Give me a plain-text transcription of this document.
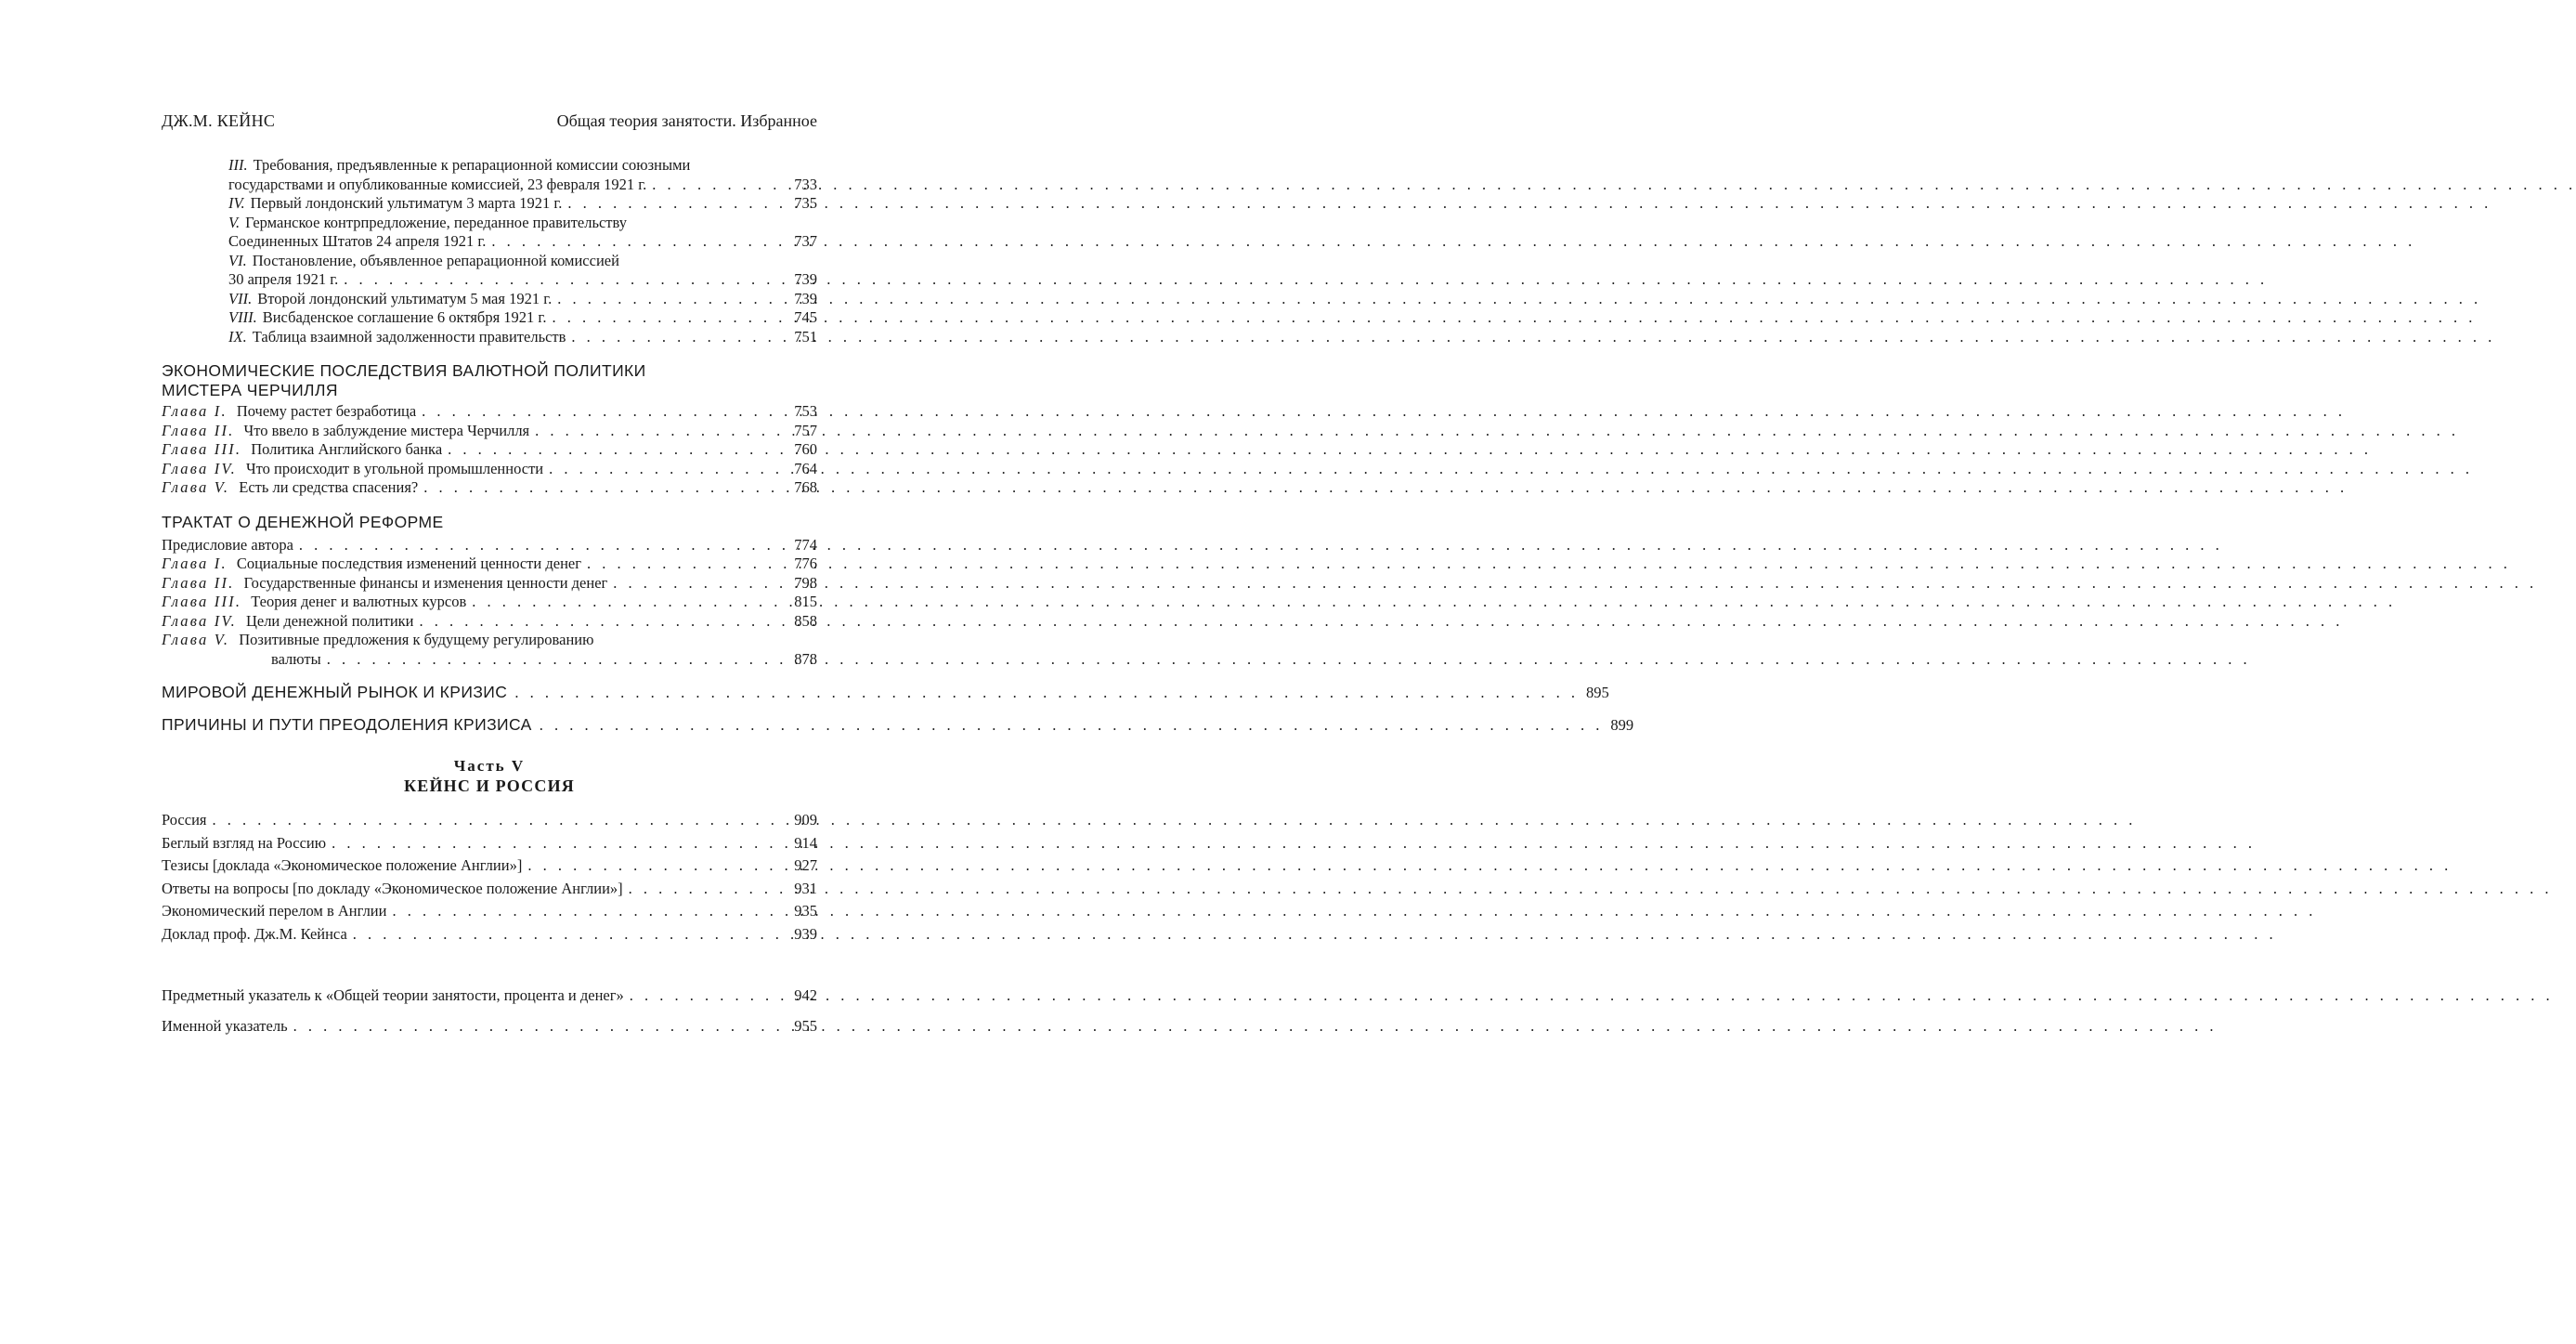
ДЖ.М. КЕЙНС	Общая теория занятости. Избранное
III. Требования, предъявленные к репарационной комиссии союзными
государствами и опубликованные комиссией, 23 февраля 1921 г. . . .	733
IV. Первый лондонский ультиматум 3 марта 1921 г. . . .	735
V. Германское контрпредложение, переданное правительству
Соединенных Штатов 24 апреля 1921 г. . . .	737
VI. Постановление, объявленное репарационной комиссией
30 апреля 1921 г. . . .	739
VII. Второй лондонский ультиматум 5 мая 1921 г. . . .	739
VIII. Висбаденское соглашение 6 октября 1921 г. . . .	745
IX. Таблица взаимной задолженности правительств . . .	751
ЭКОНОМИЧЕСКИЕ ПОСЛЕДСТВИЯ ВАЛЮТНОЙ ПОЛИТИКИ
МИСТЕРА ЧЕРЧИЛЛЯ
Глава I. Почему растет безработица . . .	753
Глава II. Что ввело в заблуждение мистера Черчилля . . .	757
Глава III. Политика Английского банка . . .	760
Глава IV. Что происходит в угольной промышленности . . .	764
Глава V. Есть ли средства спасения? . . .	768
ТРАКТАТ О ДЕНЕЖНОЙ РЕФОРМЕ
Предисловие автора . . .	774
Глава I. Социальные последствия изменений ценности денег . . .	776
Глава II. Государственные финансы и изменения ценности денег . . .	798
Глава III. Теория денег и валютных курсов . . .	815
Глава IV. Цели денежной политики . . .	858
Глава V. Позитивные предложения к будущему регулированию
валюты . . .	878
МИРОВОЙ ДЕНЕЖНЫЙ РЫНОК И КРИЗИС . . .	895
ПРИЧИНЫ И ПУТИ ПРЕОДОЛЕНИЯ КРИЗИСА . . .	899
Часть V
КЕЙНС И РОССИЯ
Россия . . .	909
Беглый взгляд на Россию . . .	914
Тезисы [доклада «Экономическое положение Англии»] . . .	927
Ответы на вопросы [по докладу «Экономическое положение Англии»] . . .	931
Экономический перелом в Англии . . .	935
Доклад проф. Дж.М. Кейнса . . .	939
Предметный указатель к «Общей теории занятости, процента и денег» . . .	942
Именной указатель . . .	955
